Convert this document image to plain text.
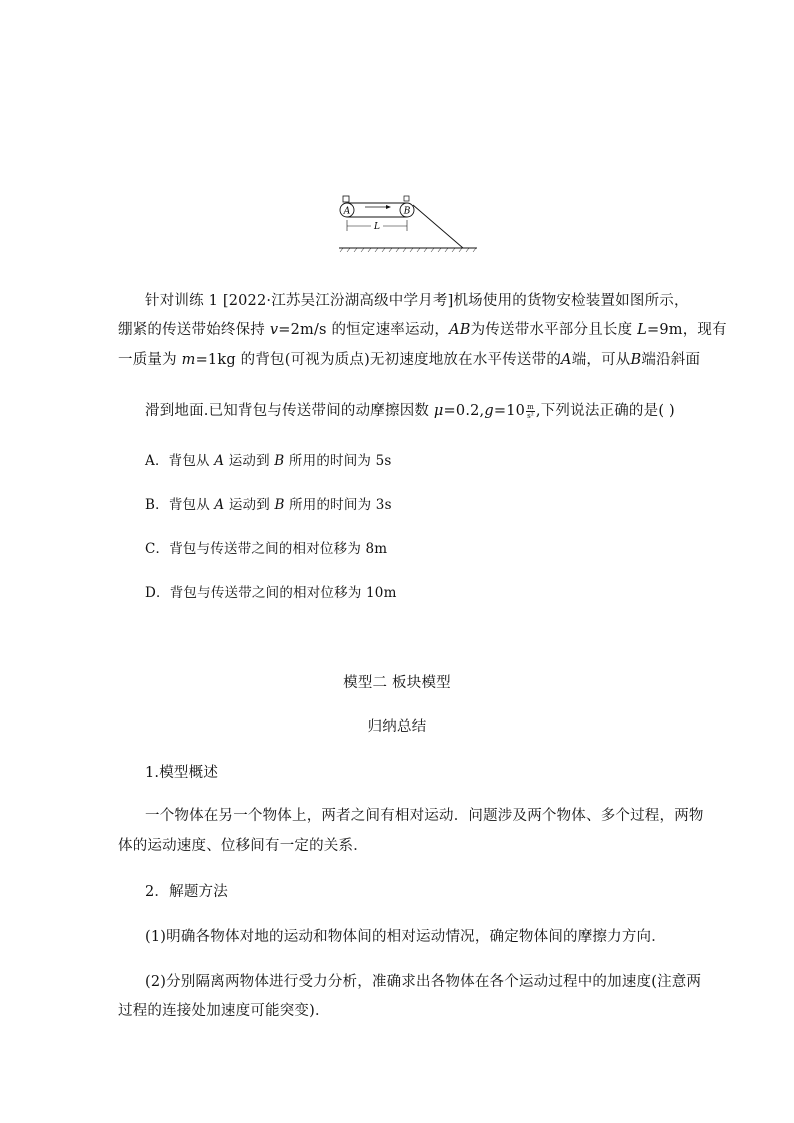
A	B
L
针对训练 1 [2022·江苏吴江汾湖高级中学月考]机场使用的货物安检装置如图所示，
绷紧的传送带始终保持 v=2m/s 的恒定速率运动，AB为传送带水平部分且长度 L=9m，现有
一质量为 m=1kg 的背包(可视为质点)无初速度地放在水平传送带的A端，可从B端沿斜面
滑到地面.已知背包与传送带间的动摩擦因数 $\mu=0.2,g=10 \frac{m}{\text{s²}}$ ,下列说法正确的是( )
A．背包从 A 运动到 B 所用的时间为 5s
B．背包从 A 运动到 B 所用的时间为 3s
C．背包与传送带之间的相对位移为 8m
D．背包与传送带之间的相对位移为 10m
模型二 板块模型
归纳总结
1.模型概述
一个物体在另一个物体上，两者之间有相对运动．问题涉及两个物体、多个过程，两物
体的运动速度、位移间有一定的关系．
2．解题方法
(1)明确各物体对地的运动和物体间的相对运动情况，确定物体间的摩擦力方向．
(2)分别隔离两物体进行受力分析，准确求出各物体在各个运动过程中的加速度(注意两
过程的连接处加速度可能突变)．
